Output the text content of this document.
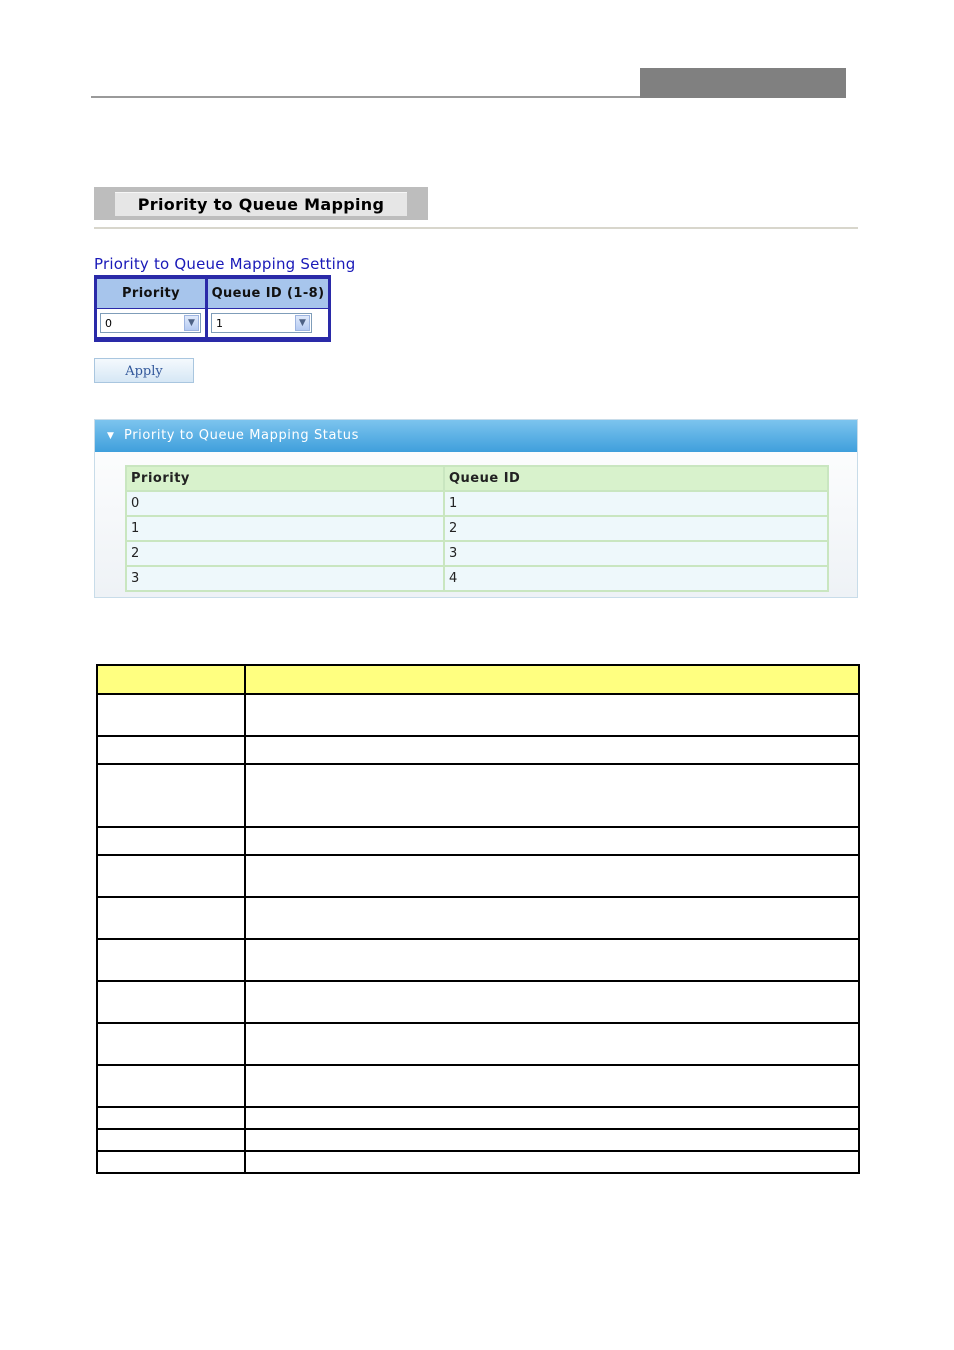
Priority to Queue Mapping
Priority to Queue Mapping Setting
Priority	Queue ID (1-8)
0	▼	1	▼
Apply
▼ Priority to Queue Mapping Status
Priority	Queue ID
0	1
1	2
2	3
3	4
